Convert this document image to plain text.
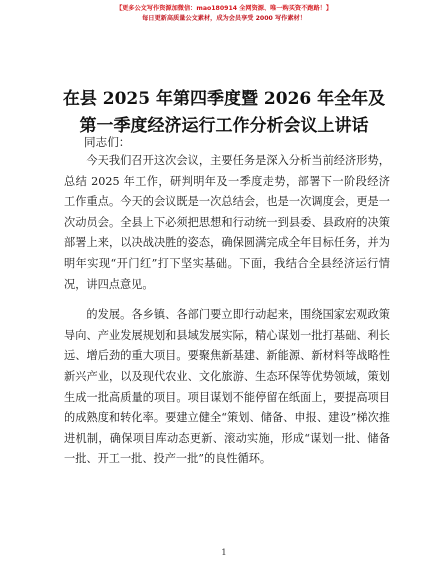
【更多公文写作资源加微信：mao180914 全网资源、唯一购买资不跑路！】
每日更新高质量公文素材，成为会员享受 2000 写作素材！
在县 2025 年第四季度暨 2026 年全年及第一季度经济运行工作分析会议上讲话
同志们：

今天我们召开这次会议，主要任务是深入分析当前经济形势，总结 2025 年工作，研判明年及一季度走势，部署下一阶段经济工作重点。今天的会议既是一次总结会，也是一次调度会，更是一次动员会。全县上下必须把思想和行动统一到县委、县政府的决策部署上来，以决战决胜的姿态，确保圆满完成全年目标任务，并为明年实现“开门红”打下坚实基础。下面，我结合全县经济运行情况，讲四点意见。

的发展。各乡镇、各部门要立即行动起来，围绕国家宏观政策导向、产业发展规划和县域发展实际，精心谋划一批打基础、利长远、增后劲的重大项目。要聚焦新基建、新能源、新材料等战略性新兴产业，以及现代农业、文化旅游、生态环保等优势领域，策划生成一批高质量的项目。项目谋划不能停留在纸面上，要提高项目的成熟度和转化率。要建立健全“策划、储备、申报、建设”梯次推进机制，确保项目库动态更新、滚动实施，形成“谋划一批、储备一批、开工一批、投产一批”的良性循环。

1
